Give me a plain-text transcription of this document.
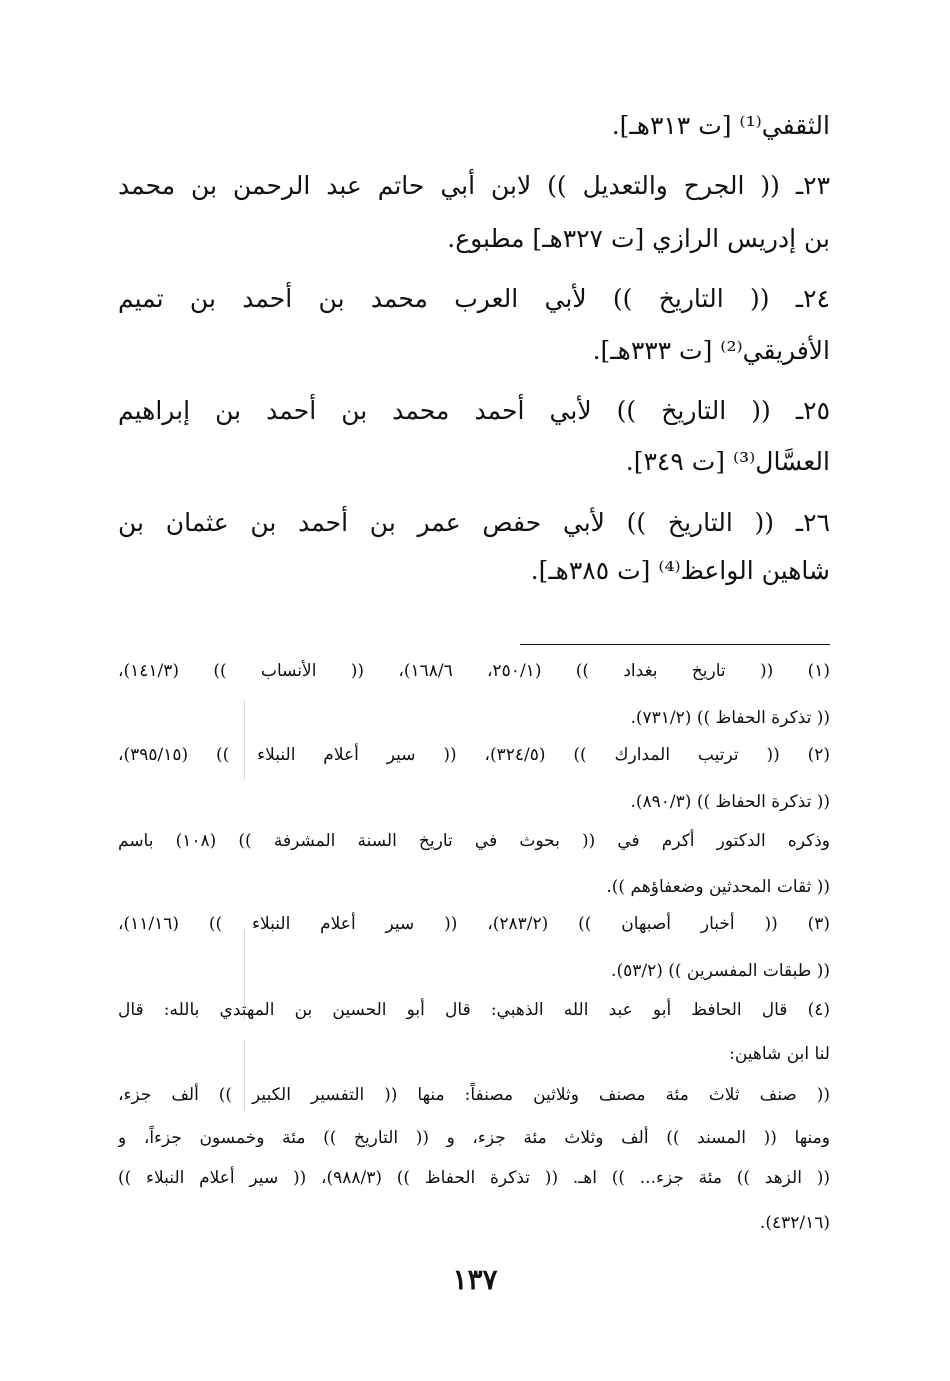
الثقفي⁽¹⁾ [ت ٣١٣هـ].
٢٣ـ (( الجرح والتعديل )) لابن أبي حاتم عبد الرحمن بن محمد
بن إدريس الرازي [ت ٣٢٧هـ] مطبوع.
٢٤ـ (( التاريخ )) لأبي العرب محمد بن أحمد بن تميم
الأفريقي⁽²⁾ [ت ٣٣٣هـ].
٢٥ـ (( التاريخ )) لأبي أحمد محمد بن أحمد بن إبراهيم
العسَّال⁽³⁾ [ت ٣٤٩].
٢٦ـ (( التاريخ )) لأبي حفص عمر بن أحمد بن عثمان بن
شاهين الواعظ⁽⁴⁾ [ت ٣٨٥هـ].
(١) (( تاريخ بغداد )) (٢٥٠/١، ١٦٨/٦)، (( الأنساب )) (١٤١/٣)،
(( تذكرة الحفاظ )) (٧٣١/٢).
(٢) (( ترتيب المدارك )) (٣٢٤/٥)، (( سير أعلام النبلاء )) (٣٩٥/١٥)،
(( تذكرة الحفاظ )) (٨٩٠/٣).
وذكره الدكتور أكرم في (( بحوث في تاريخ السنة المشرفة )) (١٠٨) باسم
(( ثقات المحدثين وضعفاؤهم )).
(٣) (( أخبار أصبهان )) (٢٨٣/٢)، (( سير أعلام النبلاء )) (١١/١٦)،
(( طبقات المفسرين )) (٥٣/٢).
(٤) قال الحافظ أبو عبد الله الذهبي: قال أبو الحسين بن المهتدي بالله: قال
لنا ابن شاهين:
(( صنف ثلاث مئة مصنف وثلاثين مصنفاً: منها (( التفسير الكبير )) ألف جزء،
ومنها (( المسند )) ألف وثلاث مئة جزء، و (( التاريخ )) مئة وخمسون جزءاً، و
(( الزهد )) مئة جزء... )) اهـ. (( تذكرة الحفاظ )) (٩٨٨/٣)، (( سير أعلام النبلاء ))
(٤٣٢/١٦).
١٣٧
